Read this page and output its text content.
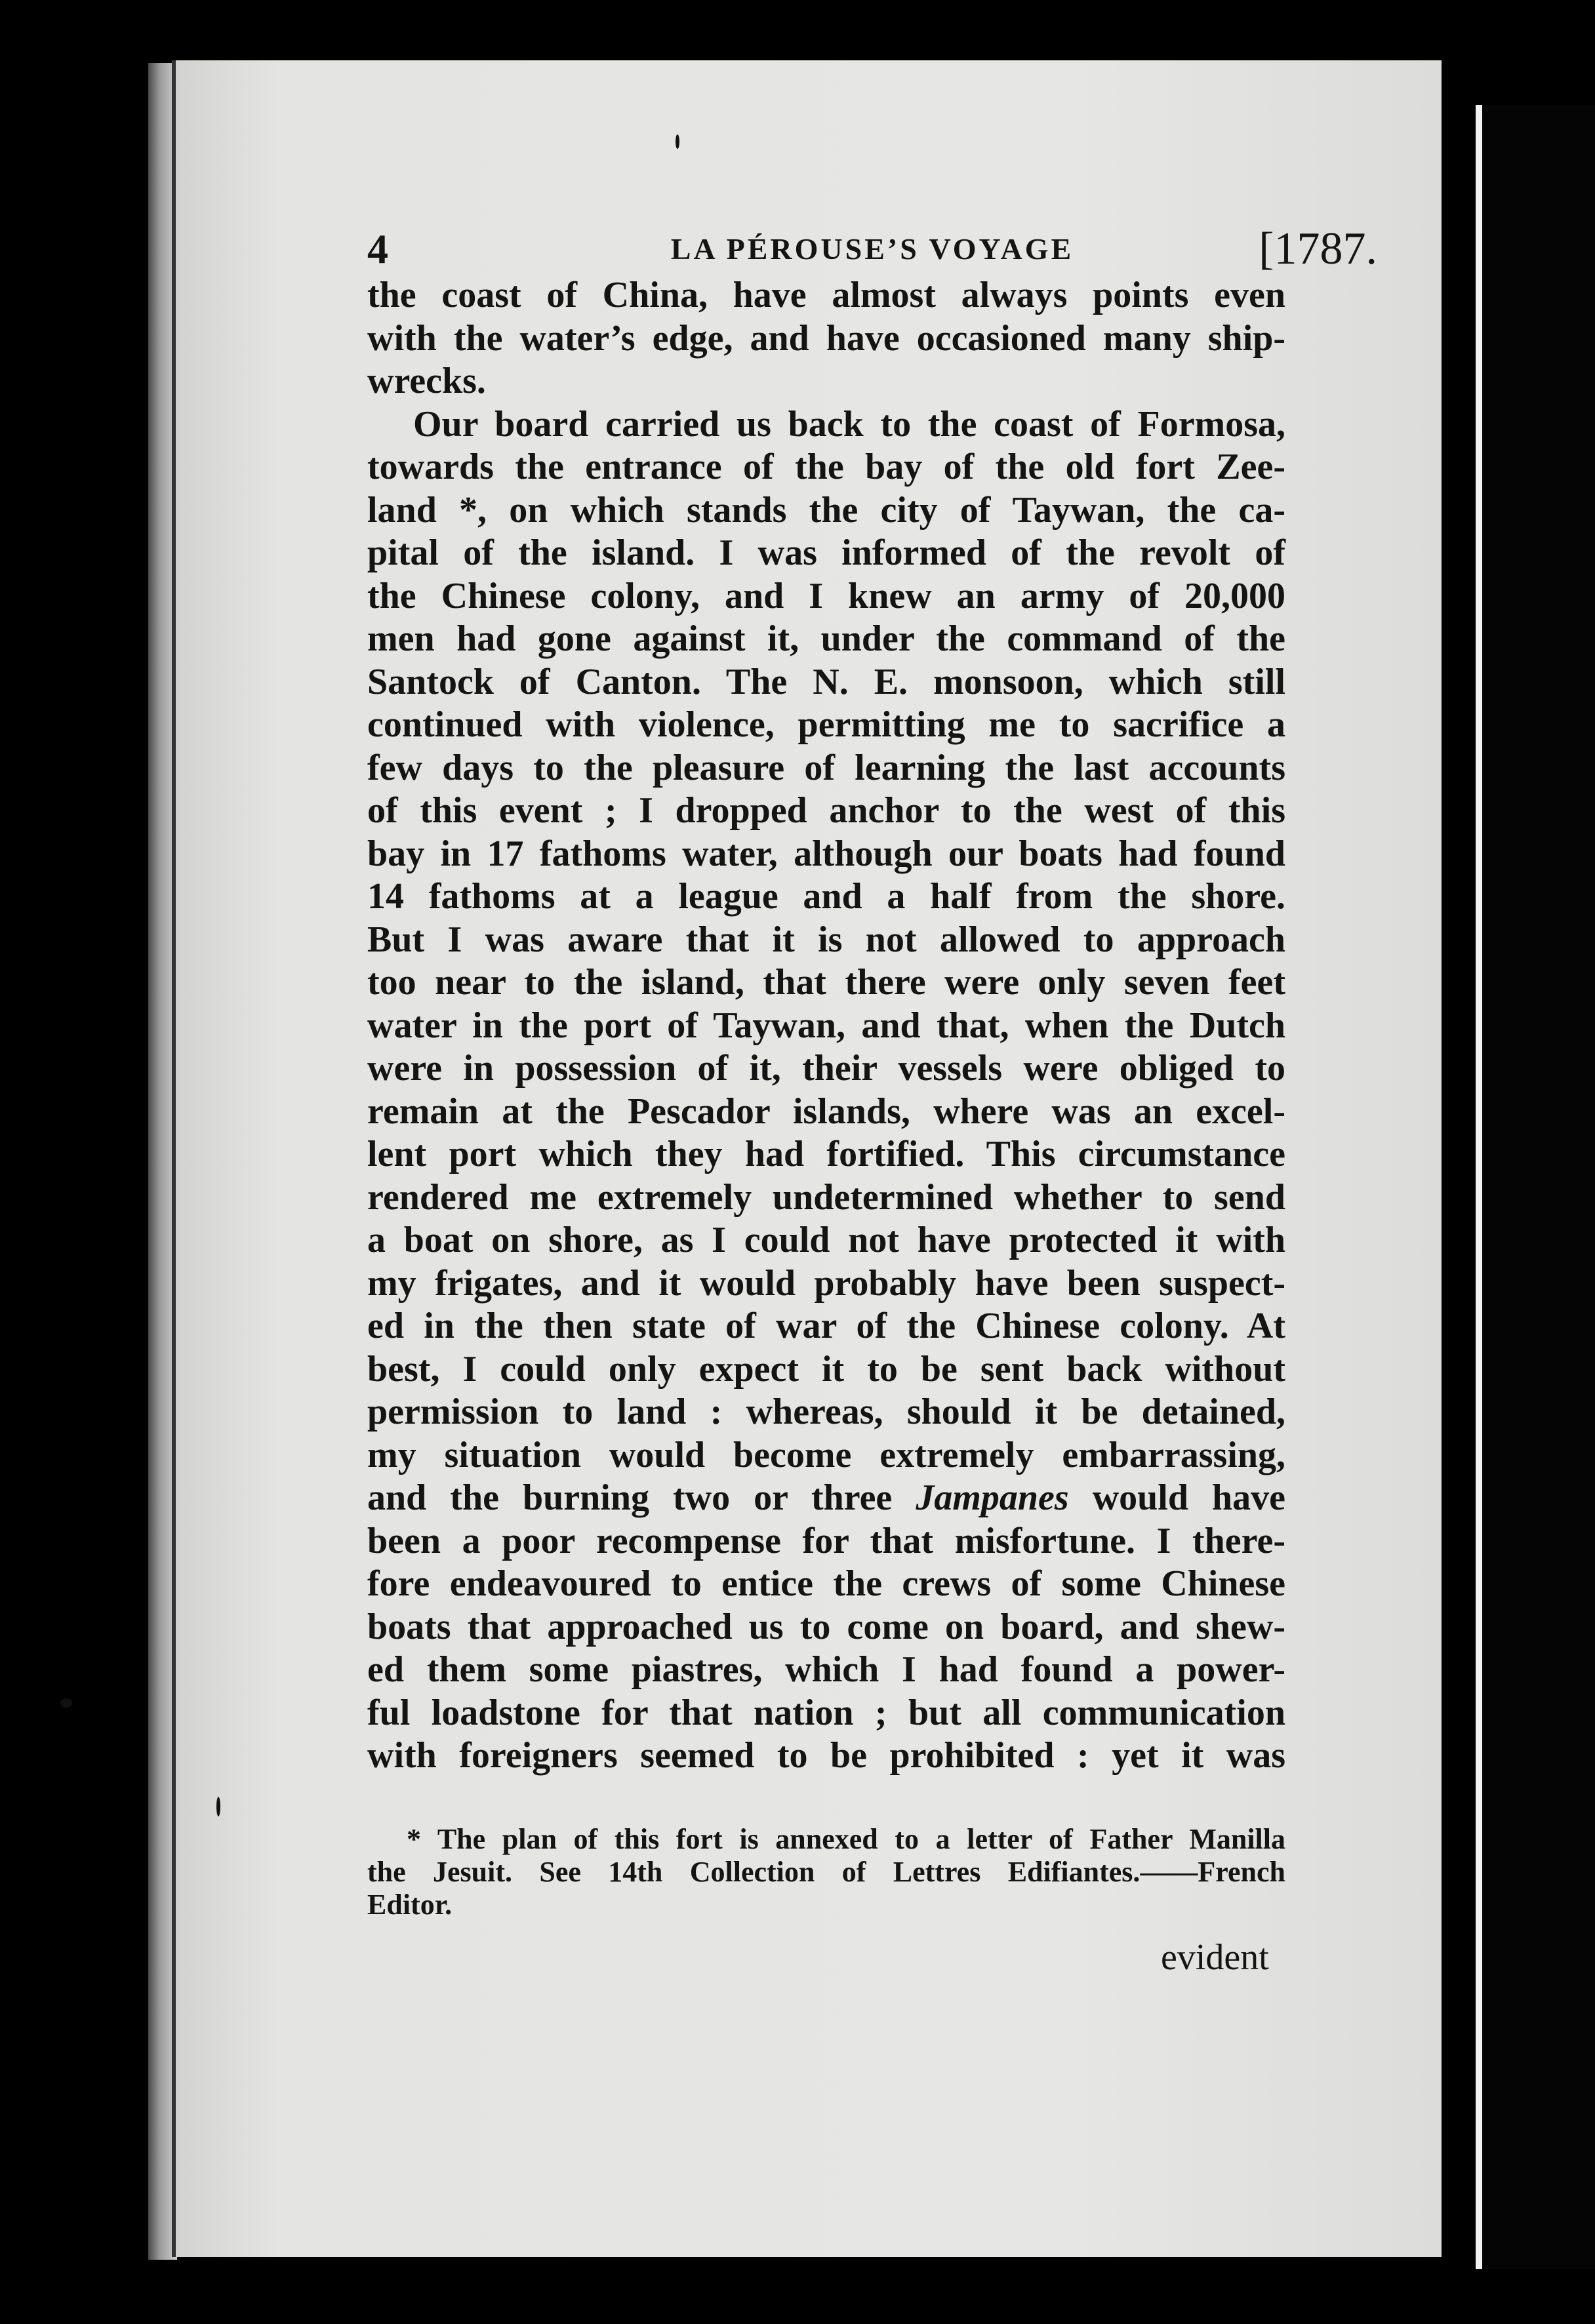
4	LA PÉROUSE’S VOYAGE	[1787.
the coast of China, have almost always points even
with the water’s edge, and have occasioned many ship-
wrecks.
Our board carried us back to the coast of Formosa,
towards the entrance of the bay of the old fort Zee-
land *, on which stands the city of Taywan, the ca-
pital of the island. I was informed of the revolt of
the Chinese colony, and I knew an army of 20,000
men had gone against it, under the command of the
Santock of Canton. The N. E. monsoon, which still
continued with violence, permitting me to sacrifice a
few days to the pleasure of learning the last accounts
of this event ; I dropped anchor to the west of this
bay in 17 fathoms water, although our boats had found
14 fathoms at a league and a half from the shore.
But I was aware that it is not allowed to approach
too near to the island, that there were only seven feet
water in the port of Taywan, and that, when the Dutch
were in possession of it, their vessels were obliged to
remain at the Pescador islands, where was an excel-
lent port which they had fortified. This circumstance
rendered me extremely undetermined whether to send
a boat on shore, as I could not have protected it with
my frigates, and it would probably have been suspect-
ed in the then state of war of the Chinese colony. At
best, I could only expect it to be sent back without
permission to land : whereas, should it be detained,
my situation would become extremely embarrassing,
and the burning two or three Jampanes would have
been a poor recompense for that misfortune. I there-
fore endeavoured to entice the crews of some Chinese
boats that approached us to come on board, and shew-
ed them some piastres, which I had found a power-
ful loadstone for that nation ; but all communication
with foreigners seemed to be prohibited : yet it was
* The plan of this fort is annexed to a letter of Father Manilla
the Jesuit. See 14th Collection of Lettres Edifiantes.——French
Editor.
evident
